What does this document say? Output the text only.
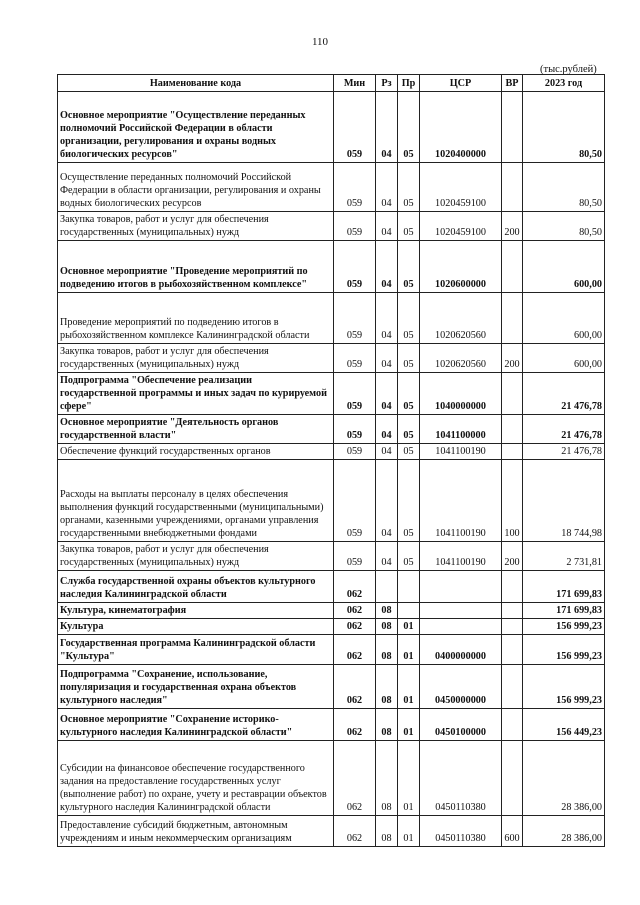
110
(тыс.рублей)
Наименование кода	Мин	Рз	Пр	ЦСР	ВР	2023 год
Основное мероприятие "Осуществление переданных полномочий Российской Федерации в области организации, регулирования и охраны водных биологических ресурсов"	059	04	05	1020400000		80,50
Осуществление переданных полномочий Российской Федерации в области организации, регулирования и охраны водных биологических ресурсов	059	04	05	1020459100		80,50
Закупка товаров, работ и услуг для обеспечения государственных (муниципальных) нужд	059	04	05	1020459100	200	80,50
Основное мероприятие "Проведение мероприятий по подведению итогов в рыбохозяйственном комплексе"	059	04	05	1020600000		600,00
Проведение мероприятий по подведению итогов в рыбохозяйственном комплексе Калининградской области	059	04	05	1020620560		600,00
Закупка товаров, работ и услуг для обеспечения государственных (муниципальных) нужд	059	04	05	1020620560	200	600,00
Подпрограмма "Обеспечение реализации государственной программы и иных задач по курируемой сфере"	059	04	05	1040000000		21 476,78
Основное мероприятие "Деятельность органов государственной власти"	059	04	05	1041100000		21 476,78
Обеспечение функций государственных органов	059	04	05	1041100190		21 476,78
Расходы на выплаты персоналу в целях обеспечения выполнения функций государственными (муниципальными) органами, казенными учреждениями, органами управления государственными внебюджетными фондами	059	04	05	1041100190	100	18 744,98
Закупка товаров, работ и услуг для обеспечения государственных (муниципальных) нужд	059	04	05	1041100190	200	2 731,81
Служба государственной охраны объектов культурного наследия Калининградской области	062					171 699,83
Культура, кинематография	062	08				171 699,83
Культура	062	08	01			156 999,23
Государственная программа Калининградской области "Культура"	062	08	01	0400000000		156 999,23
Подпрограмма "Сохранение, использование, популяризация и государственная охрана объектов культурного наследия"	062	08	01	0450000000		156 999,23
Основное мероприятие "Сохранение историко-культурного наследия Калининградской области"	062	08	01	0450100000		156 449,23
Субсидии на финансовое обеспечение государственного задания на предоставление государственных услуг (выполнение работ) по охране, учету и реставрации объектов культурного наследия Калининградской области	062	08	01	0450110380		28 386,00
Предоставление субсидий бюджетным, автономным учреждениям и иным некоммерческим организациям	062	08	01	0450110380	600	28 386,00
